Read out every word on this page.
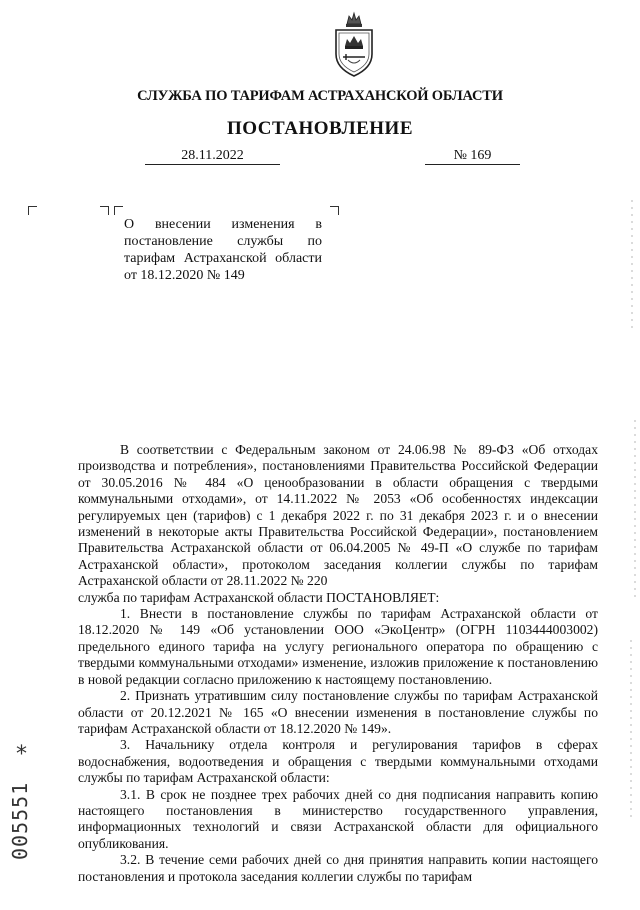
СЛУЖБА ПО ТАРИФАМ АСТРАХАНСКОЙ ОБЛАСТИ
ПОСТАНОВЛЕНИЕ
28.11.2022	№ 169
О внесении изменения в постановление службы по тарифам Астраханской области от 18.12.2020 № 149

В соответствии с Федеральным законом от 24.06.98 № 89-ФЗ «Об отходах производства и потребления», постановлениями Правительства Российской Федерации от 30.05.2016 № 484 «О ценообразовании в области обращения с твердыми коммунальными отходами», от 14.11.2022 № 2053 «Об особенностях индексации регулируемых цен (тарифов) с 1 декабря 2022 г. по 31 декабря 2023 г. и о внесении изменений в некоторые акты Правительства Российской Федерации», постановлением Правительства Астраханской области от 06.04.2005 № 49-П «О службе по тарифам Астраханской области», протоколом заседания коллегии службы по тарифам Астраханской области от 28.11.2022 № 220

служба по тарифам Астраханской области ПОСТАНОВЛЯЕТ:

1. Внести в постановление службы по тарифам Астраханской области от 18.12.2020 № 149 «Об установлении ООО «ЭкоЦентр» (ОГРН 1103444003002) предельного единого тарифа на услугу регионального оператора по обращению с твердыми коммунальными отходами» изменение, изложив приложение к постановлению в новой редакции согласно приложению к настоящему постановлению.

2. Признать утратившим силу постановление службы по тарифам Астраханской области от 20.12.2021 № 165 «О внесении изменения в постановление службы по тарифам Астраханской области от 18.12.2020 № 149».

3. Начальнику отдела контроля и регулирования тарифов в сферах водоснабжения, водоотведения и обращения с твердыми коммунальными отходами службы по тарифам Астраханской области:

3.1. В срок не позднее трех рабочих дней со дня подписания направить копию настоящего постановления в министерство государственного управления, информационных технологий и связи Астраханской области для официального опубликования.

3.2. В течение семи рабочих дней со дня принятия направить копии настоящего постановления и протокола заседания коллегии службы по тарифам

*
005551
